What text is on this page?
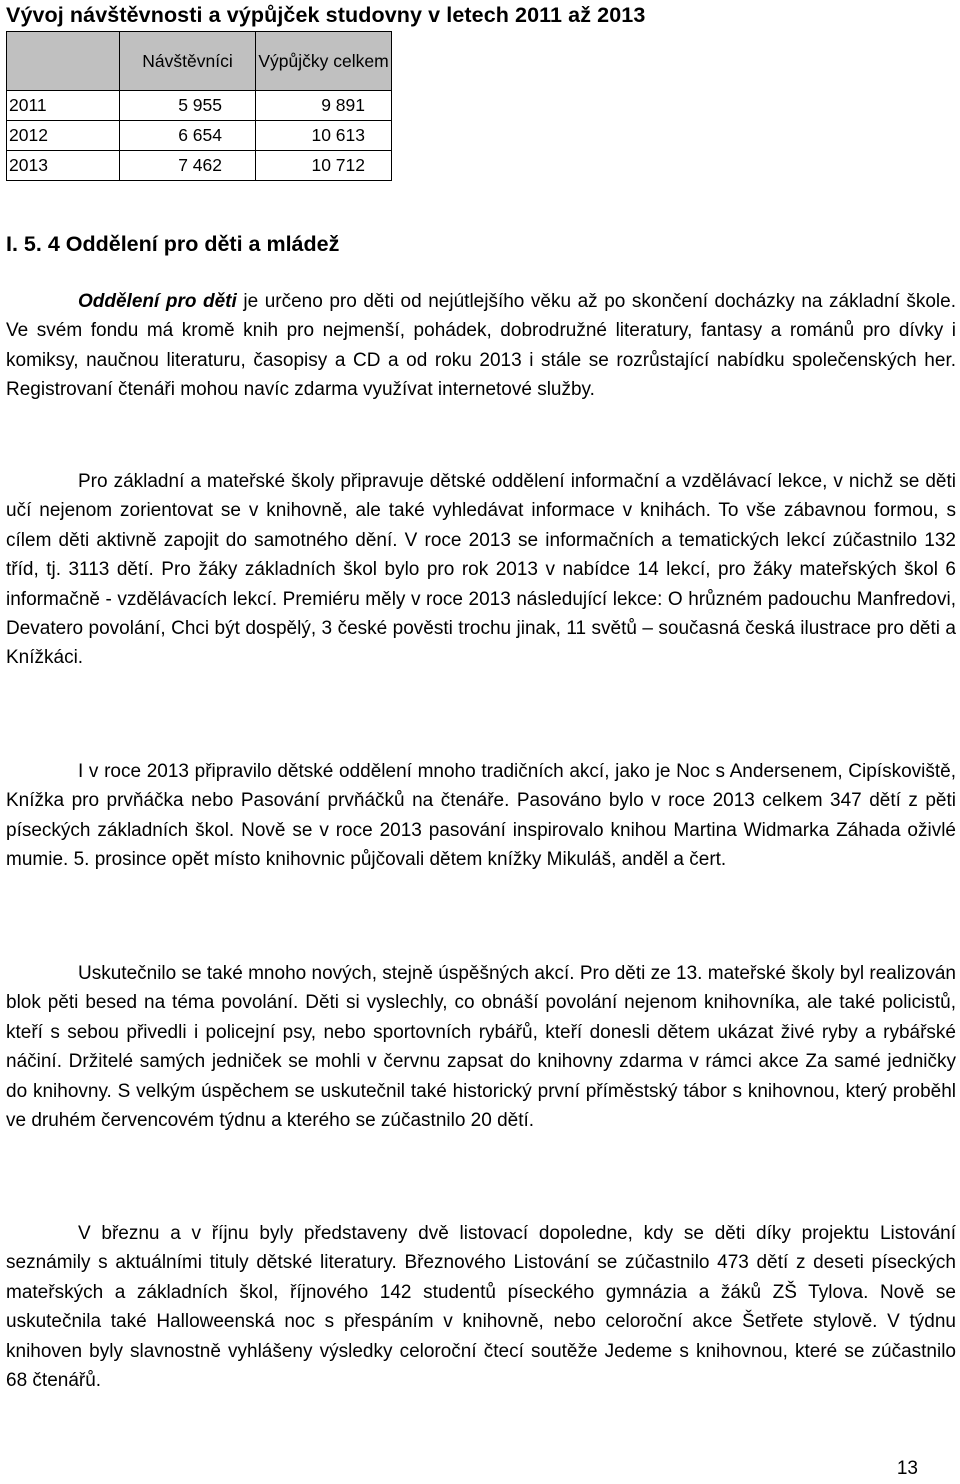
Vývoj návštěvnosti a výpůjček studovny v letech 2011 až 2013
	Návštěvníci	Výpůjčky celkem
2011	5 955	9 891
2012	6 654	10 613
2013	7 462	10 712
I. 5. 4 Oddělení pro děti a mládež

Oddělení pro děti je určeno pro děti od nejútlejšího věku až po skončení docházky na základní škole. Ve svém fondu má kromě knih pro nejmenší, pohádek, dobrodružné literatury, fantasy a románů pro dívky i komiksy, naučnou literaturu, časopisy a CD a od roku 2013 i stále se rozrůstající nabídku společenských her. Registrovaní čtenáři mohou navíc zdarma využívat internetové služby.

Pro základní a mateřské školy připravuje dětské oddělení informační a vzdělávací lekce, v nichž se děti učí nejenom zorientovat se v knihovně, ale také vyhledávat informace v knihách. To vše zábavnou formou, s cílem děti aktivně zapojit do samotného dění. V roce 2013 se informačních a tematických lekcí zúčastnilo 132 tříd, tj. 3113 dětí. Pro žáky základních škol bylo pro rok 2013 v nabídce 14 lekcí, pro žáky mateřských škol 6 informačně - vzdělávacích lekcí. Premiéru měly v roce 2013 následující lekce: O hrůzném padouchu Manfredovi, Devatero povolání, Chci být dospělý, 3 české pověsti trochu jinak, 11 světů – současná česká ilustrace pro děti a Knížkáci.

I v roce 2013 připravilo dětské oddělení mnoho tradičních akcí, jako je Noc s Andersenem, Cipískoviště, Knížka pro prvňáčka nebo Pasování prvňáčků na čtenáře. Pasováno bylo v roce 2013 celkem 347 dětí z pěti píseckých základních škol. Nově se v roce 2013 pasování inspirovalo knihou Martina Widmarka Záhada oživlé mumie. 5. prosince opět místo knihovnic půjčovali dětem knížky Mikuláš, anděl a čert.

Uskutečnilo se také mnoho nových, stejně úspěšných akcí. Pro děti ze 13. mateřské školy byl realizován blok pěti besed na téma povolání. Děti si vyslechly, co obnáší povolání nejenom knihovníka, ale také policistů, kteří s sebou přivedli i policejní psy, nebo sportovních rybářů, kteří donesli dětem ukázat živé ryby a rybářské náčiní. Držitelé samých jedniček se mohli v červnu zapsat do knihovny zdarma v rámci akce Za samé jedničky do knihovny. S velkým úspěchem se uskutečnil také historický první příměstský tábor s knihovnou, který proběhl ve druhém červencovém týdnu a kterého se zúčastnilo 20 dětí.

V březnu a v říjnu byly představeny dvě listovací dopoledne, kdy se děti díky projektu Listování seznámily s aktuálními tituly dětské literatury. Březnového Listování se zúčastnilo 473 dětí z deseti píseckých mateřských a základních škol, říjnového 142 studentů píseckého gymnázia a žáků ZŠ Tylova. Nově se uskutečnila také Halloweenská noc s přespáním v knihovně, nebo celoroční akce Šetřete stylově. V týdnu knihoven byly slavnostně vyhlášeny výsledky celoroční čtecí soutěže Jedeme s knihovnou, které se zúčastnilo 68 čtenářů.

13
